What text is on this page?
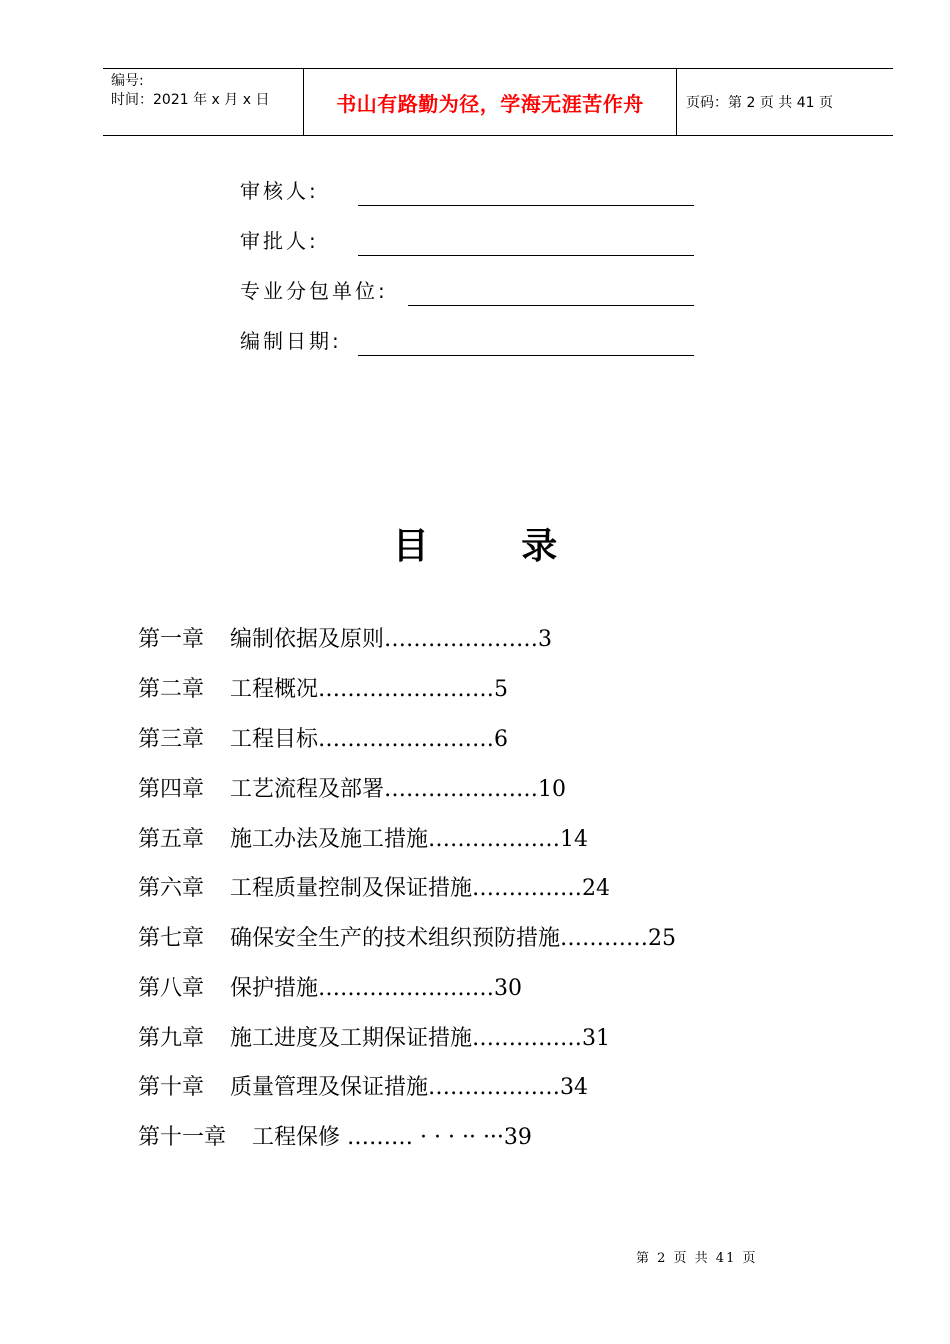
编号:
时间：2021 年 x 月 x 日	书山有路勤为径，学海无涯苦作舟	页码：第 2 页 共 41 页
审核人:
审批人:
专业分包单位:
编制日期:
目 录
第一章 编制依据及原则…………………3
第二章 工程概况……………………5
第三章 工程目标……………………6
第四章 工艺流程及部署…………………10
第五章 施工办法及施工措施………………14
第六章 工程质量控制及保证措施……………24
第七章 确保安全生产的技术组织预防措施…………25
第八章 保护措施……………………30
第九章 施工进度及工期保证措施……………31
第十章 质量管理及保证措施………………34
第十一章 工程保修 ……… · · · ·· ···39
第 2 页 共 41 页
